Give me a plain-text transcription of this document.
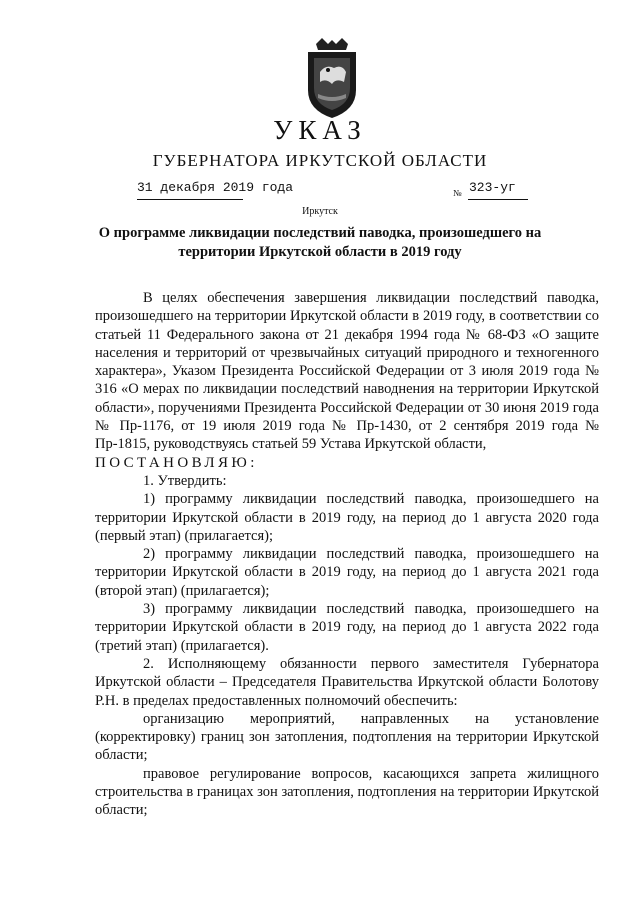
УКАЗ
ГУБЕРНАТОРА ИРКУТСКОЙ ОБЛАСТИ
31 декабря 2019 года	№ 323-уг
Иркутск
О программе ликвидации последствий паводка, произошедшего на
территории Иркутской области в 2019 году

В целях обеспечения завершения ликвидации последствий паводка, произошедшего на территории Иркутской области в 2019 году, в соответствии со статьей 11 Федерального закона от 21 декабря 1994 года № 68-ФЗ «О защите населения и территорий от чрезвычайных ситуаций природного и техногенного характера», Указом Президента Российской Федерации от 3 июля 2019 года № 316 «О мерах по ликвидации последствий наводнения на территории Иркутской области», поручениями Президента Российской Федерации от 30 июня 2019 года № Пр-1176, от 19 июля 2019 года № Пр-1430, от 2 сентября 2019 года № Пр-1815, руководствуясь статьей 59 Устава Иркутской области,

ПОСТАНОВЛЯЮ:

1. Утвердить:

1) программу ликвидации последствий паводка, произошедшего на территории Иркутской области в 2019 году, на период до 1 августа 2020 года (первый этап) (прилагается);

2) программу ликвидации последствий паводка, произошедшего на территории Иркутской области в 2019 году, на период до 1 августа 2021 года (второй этап) (прилагается);

3) программу ликвидации последствий паводка, произошедшего на территории Иркутской области в 2019 году, на период до 1 августа 2022 года (третий этап) (прилагается).

2. Исполняющему обязанности первого заместителя Губернатора Иркутской области – Председателя Правительства Иркутской области Болотову Р.Н. в пределах предоставленных полномочий обеспечить:

организацию мероприятий, направленных на установление (корректировку) границ зон затопления, подтопления на территории Иркутской области;

правовое регулирование вопросов, касающихся запрета жилищного строительства в границах зон затопления, подтопления на территории Иркутской области;
